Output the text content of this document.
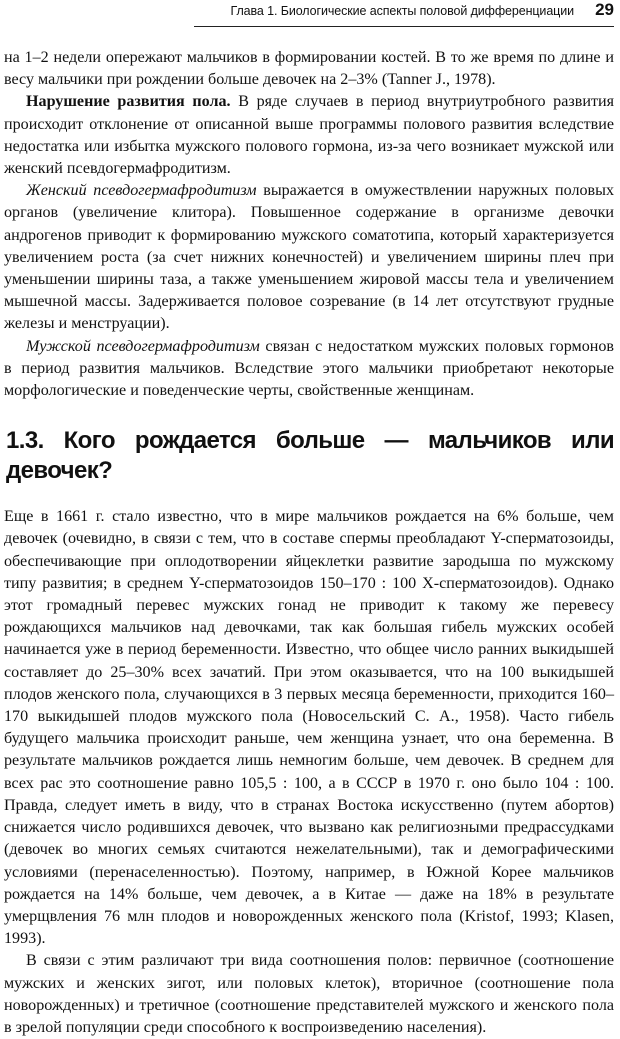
Глава 1. Биологические аспекты половой дифференциации 29

на 1–2 недели опережают мальчиков в формировании костей. В то же время по длине и весу мальчики при рождении больше девочек на 2–3% (Tanner J., 1978).

Нарушение развития пола. В ряде случаев в период внутриутробного развития происходит отклонение от описанной выше программы полового развития вследствие недостатка или избытка мужского полового гормона, из-за чего возникает мужской или женский псевдогермафродитизм.

Женский псевдогермафродитизм выражается в омужествлении наружных половых органов (увеличение клитора). Повышенное содержание в организме девочки андрогенов приводит к формированию мужского соматотипа, который характеризуется увеличением роста (за счет нижних конечностей) и увеличением ширины плеч при уменьшении ширины таза, а также уменьшением жировой массы тела и увеличением мышечной массы. Задерживается половое созревание (в 14 лет отсутствуют грудные железы и менструации).

Мужской псевдогермафродитизм связан с недостатком мужских половых гормонов в период развития мальчиков. Вследствие этого мальчики приобретают некоторые морфологические и поведенческие черты, свойственные женщинам.

1.3. Кого рождается больше — мальчиков или девочек?

Еще в 1661 г. стало известно, что в мире мальчиков рождается на 6% больше, чем девочек (очевидно, в связи с тем, что в составе спермы преобладают Y-сперматозоиды, обеспечивающие при оплодотворении яйцеклетки развитие зародыша по мужскому типу развития; в среднем Y-сперматозоидов 150–170 : 100 X-сперматозоидов). Однако этот громадный перевес мужских гонад не приводит к такому же перевесу рождающихся мальчиков над девочками, так как большая гибель мужских особей начинается уже в период беременности. Известно, что общее число ранних выкидышей составляет до 25–30% всех зачатий. При этом оказывается, что на 100 выкидышей плодов женского пола, случающихся в 3 первых месяца беременности, приходится 160–170 выкидышей плодов мужского пола (Новосельский С. А., 1958). Часто гибель будущего мальчика происходит раньше, чем женщина узнает, что она беременна. В результате мальчиков рождается лишь немногим больше, чем девочек. В среднем для всех рас это соотношение равно 105,5 : 100, а в СССР в 1970 г. оно было 104 : 100. Правда, следует иметь в виду, что в странах Востока искусственно (путем абортов) снижается число родившихся девочек, что вызвано как религиозными предрассудками (девочек во многих семьях считаются нежелательными), так и демографическими условиями (перенаселенностью). Поэтому, например, в Южной Корее мальчиков рождается на 14% больше, чем девочек, а в Китае — даже на 18% в результате умерщвления 76 млн плодов и новорожденных женского пола (Kristof, 1993; Klasen, 1993).

В связи с этим различают три вида соотношения полов: первичное (соотношение мужских и женских зигот, или половых клеток), вторичное (соотношение пола новорожденных) и третичное (соотношение представителей мужского и женского пола в зрелой популяции среди способного к воспроизведению населения).
